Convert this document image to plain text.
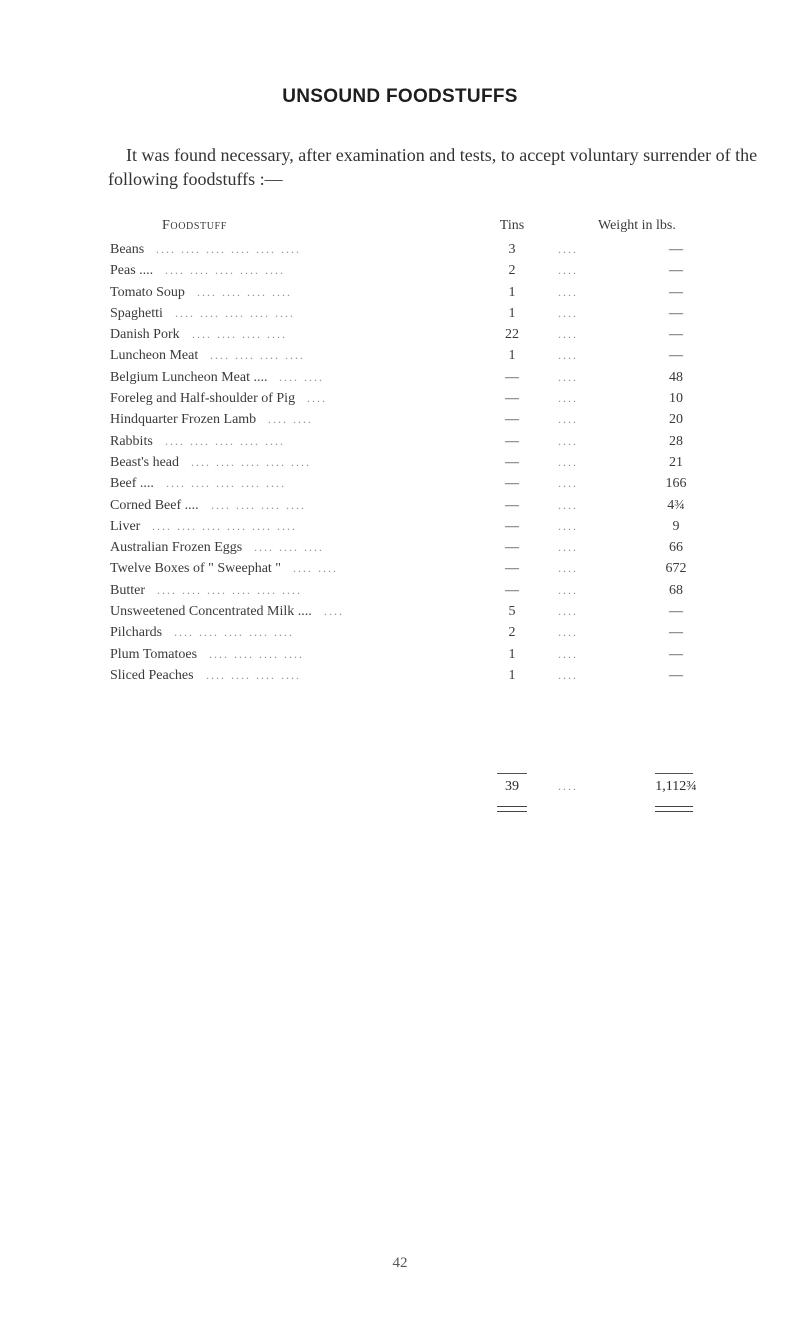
UNSOUND FOODSTUFFS

It was found necessary, after examination and tests, to accept voluntary surrender of the following foodstuffs :—

Foodstuff	Tins	Weight in lbs.
Beans .... .... .... .... .... ....	3	....	—
Peas .... .... .... .... .... ....	2	....	—
Tomato Soup .... .... .... ....	1	....	—
Spaghetti .... .... .... .... ....	1	....	—
Danish Pork .... .... .... ....	22	....	—
Luncheon Meat .... .... .... ....	1	....	—
Belgium Luncheon Meat .... .... ....	—	....	48
Foreleg and Half-shoulder of Pig ....	—	....	10
Hindquarter Frozen Lamb .... ....	—	....	20
Rabbits .... .... .... .... ....	—	....	28
Beast's head .... .... .... .... ....	—	....	21
Beef .... .... .... .... .... ....	—	....	166
Corned Beef .... .... .... .... ....	—	....	4¾
Liver .... .... .... .... .... ....	—	....	9
Australian Frozen Eggs .... .... ....	—	....	66
Twelve Boxes of " Sweephat " .... ....	—	....	672
Butter .... .... .... .... .... ....	—	....	68
Unsweetened Concentrated Milk .... ....	5	....	—
Pilchards .... .... .... .... ....	2	....	—
Plum Tomatoes .... .... .... ....	1	....	—
Sliced Peaches .... .... .... ....	1	....	—
39	....	1,112¾
42
